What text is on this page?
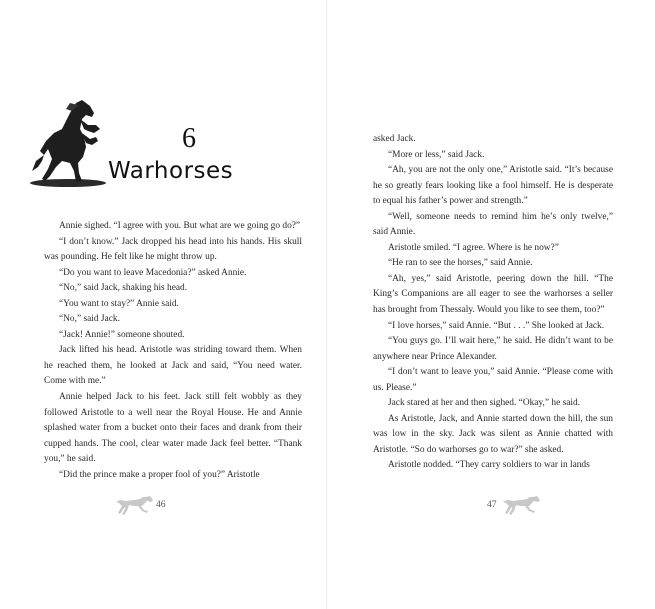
6
Warhorses

Annie sighed. “I agree with you. But what are we going go do?”

“I don’t know.” Jack dropped his head into his hands. His skull was pounding. He felt like he might throw up.

“Do you want to leave Macedonia?” asked Annie.

“No,” said Jack, shaking his head.

“You want to stay?” Annie said.

“No,” said Jack.

“Jack! Annie!” someone shouted.

Jack lifted his head. Aristotle was striding toward them. When he reached them, he looked at Jack and said, “You need water. Come with me.”

Annie helped Jack to his feet. Jack still felt wobbly as they followed Aristotle to a well near the Royal House. He and Annie splashed water from a bucket onto their faces and drank from their cupped hands. The cool, clear water made Jack feel better. “Thank you,” he said.

“Did the prince make a proper fool of you?” Aristotle

46

asked Jack.

“More or less,” said Jack.

“Ah, you are not the only one,” Aristotle said. “It’s because he so greatly fears looking like a fool himself. He is desperate to equal his father’s power and strength.”

“Well, someone needs to remind him he’s only twelve,” said Annie.

Aristotle smiled. “I agree. Where is he now?”

“He ran to see the horses,” said Annie.

“Ah, yes,” said Aristotle, peering down the hill. “The King’s Companions are all eager to see the warhorses a seller has brought from Thessaly. Would you like to see them, too?”

“I love horses,” said Annie. “But . . .” She looked at Jack.

“You guys go. I’ll wait here,” he said. He didn’t want to be anywhere near Prince Alexander.

“I don’t want to leave you,” said Annie. “Please come with us. Please.”

Jack stared at her and then sighed. “Okay,” he said.

As Aristotle, Jack, and Annie started down the hill, the sun was low in the sky. Jack was silent as Annie chatted with Aristotle. “So do warhorses go to war?” she asked.

Aristotle nodded. “They carry soldiers to war in lands

47
